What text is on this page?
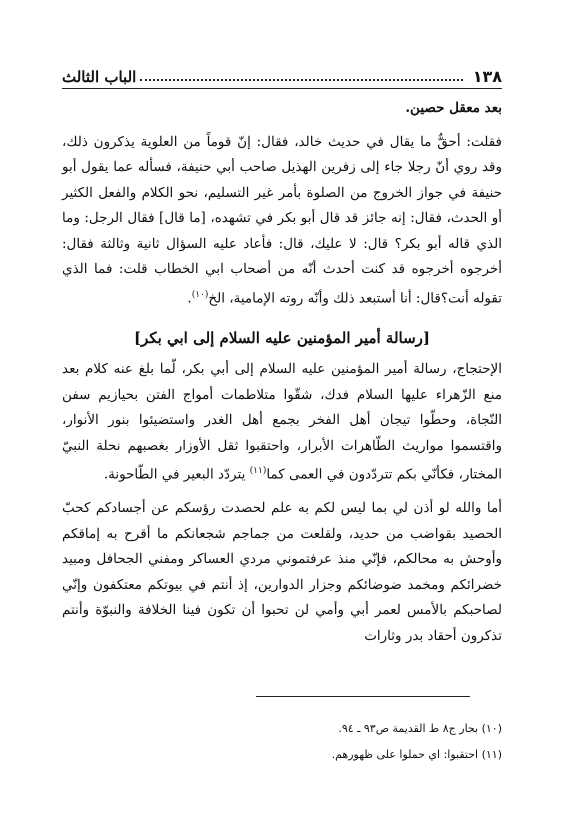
١٣٨
الباب الثالث

بعد معقل حصين.

فقلت: أحقٌّ ما يقال في حديث خالد، فقال: إنّ قوماً من العلوية يذكرون ذلك، وقد روي أنّ رجلا جاء إلى زفرين الهذيل صاحب أبي حنيفة، فسأله عما يقول أبو حنيفة في جواز الخروج من الصلوة بأمر غير التسليم، نحو الكلام والفعل الكثير أو الحدث، فقال: إنه جائز قد قال أبو بكر في تشهده، [ما قال] فقال الرجل: وما الذي قاله أبو بكر؟ قال: لا عليك، قال: فأعاد عليه السؤال ثانية وثالثة فقال: أخرجوه أخرجوه قد كنت أحدث أنّه من أصحاب ابي الخطاب قلت: فما الذي تقوله أنت؟قال: أنا أستبعد ذلك وأنّه روته الإمامية، الخ$^{(١٠)}$.

[رسالة أمير المؤمنين عليه السلام إلى ابي بكر]

الإحتجاج، رسالة أمير المؤمنين عليه السلام إلى أبي بكر، لّما بلغ عنه كلام بعد منع الزّهراء عليها السلام فدك، شقّوا متلاطمات أمواج الفتن بحيازيم سفن النّجاة، وحطّوا تيجان أهل الفخر بجمع أهل الغدر واستضيئوا بنور الأنوار، واقتسموا مواريث الطّاهرات الأبرار، واحتقبوا ثقل الأوزار بغصبهم نحلة النبيّ المختار، فكأنّي بكم تتردّدون في العمى كما$^{(١١)}$ يتردّد البعير في الطّاحونة.

أما والله لو أذن لي بما ليس لكم به علم لحصدت رؤسكم عن أجسادكم كحبّ الحصيد بقواضب من حديد، ولقلعت من جماجم شجعانكم ما أقرح به إماقكم وأوحش به محالكم، فإنّي منذ عرفتموني مردي العساكر ومفني الجحافل ومبيد خضرائكم ومخمد ضوضائكم وجزار الدوارين، إذ أنتم في بيوتكم معتكفون وإنّي لصاحبكم بالأمس لعمر أبي وأمي لن تحبوا أن تكون فينا الخلافة والنبوّة وأنتم تذكرون أحقاد بدر وثارات

(١٠) بحار ج٨ ط القديمة ص٩٣ ـ ٩٤.
(١١) احتقبوا: اي حملوا على ظهورهم.
